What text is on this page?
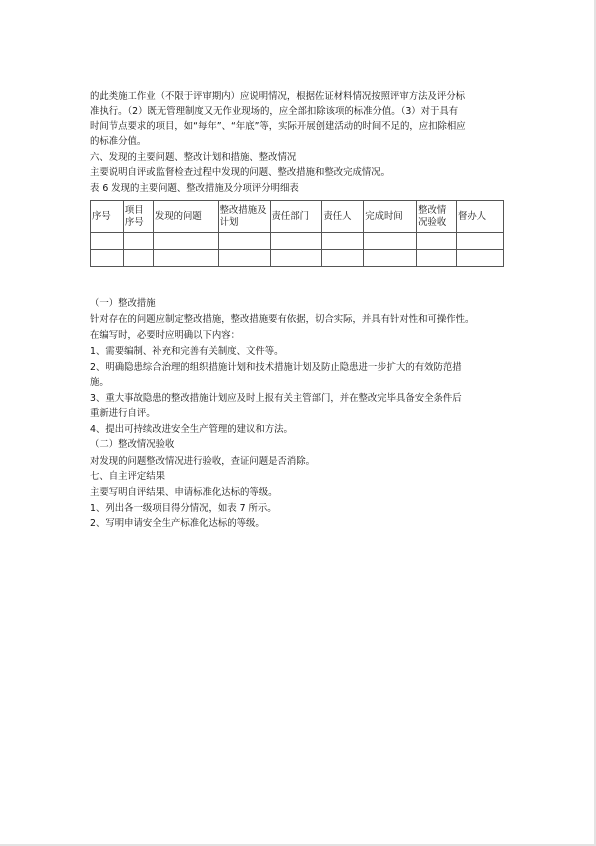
的此类施工作业（不限于评审期内）应说明情况，根据佐证材料情况按照评审方法及评分标
准执行。（2）既无管理制度又无作业现场的，应全部扣除该项的标准分值。（3）对于具有
时间节点要求的项目，如“每年”、“年底”等，实际开展创建活动的时间不足的，应扣除相应
的标准分值。
六、发现的主要问题、整改计划和措施、整改情况
主要说明自评或监督检查过程中发现的问题、整改措施和整改完成情况。
表 6 发现的主要问题、整改措施及分项评分明细表
序号	项目序号	发现的问题	整改措施及计划	责任部门	责任人	完成时间	整改情况验收	督办人

（一）整改措施
针对存在的问题应制定整改措施，整改措施要有依据，切合实际，并具有针对性和可操作性。
在编写时，必要时应明确以下内容：
1、需要编制、补充和完善有关制度、文件等。
2、明确隐患综合治理的组织措施计划和技术措施计划及防止隐患进一步扩大的有效防范措
施。
3、重大事故隐患的整改措施计划应及时上报有关主管部门，并在整改完毕具备安全条件后
重新进行自评。
4、提出可持续改进安全生产管理的建议和方法。
（二）整改情况验收
对发现的问题整改情况进行验收，查证问题是否消除。
七、自主评定结果
主要写明自评结果、申请标准化达标的等级。
1、列出各一级项目得分情况，如表 7 所示。
2、写明申请安全生产标准化达标的等级。
